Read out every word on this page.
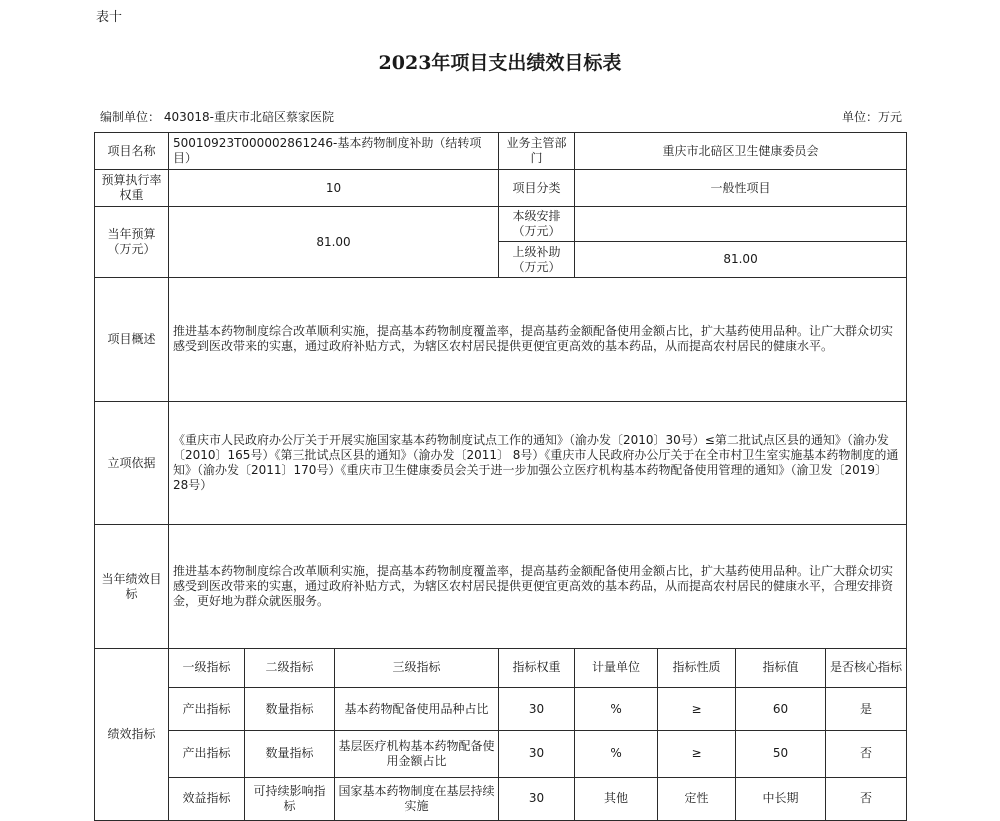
表十
2023年项目支出绩效目标表
编制单位： 403018-重庆市北碚区蔡家医院	单位：万元
项目名称	50010923T000002861246-基本药物制度补助（结转项目）			业务主管部门	重庆市北碚区卫生健康委员会			
预算执行率权重	10			项目分类	一般性项目			
当年预算（万元）	81.00			本级安排（万元）				
				上级补助（万元）	81.00			
项目概述	推进基本药物制度综合改革顺利实施，提高基本药物制度覆盖率，提高基药金额配备使用金额占比，扩大基药使用品种。让广大群众切实感受到医改带来的实惠，通过政府补贴方式，为辖区农村居民提供更便宜更高效的基本药品，从而提高农村居民的健康水平。							
立项依据	《重庆市人民政府办公厅关于开展实施国家基本药物制度试点工作的通知》（渝办发〔2010〕30号）≤第二批试点区县的通知》（渝办发〔2010〕165号）《第三批试点区县的通知》（渝办发〔2011〕 8号）《重庆市人民政府办公厅关于在全市村卫生室实施基本药物制度的通知》（渝办发〔2011〕170号）《重庆市卫生健康委员会关于进一步加强公立医疗机构基本药物配备使用管理的通知》（渝卫发〔2019〕 28号）							
当年绩效目标	推进基本药物制度综合改革顺利实施，提高基本药物制度覆盖率，提高基药金额配备使用金额占比，扩大基药使用品种。让广大群众切实感受到医改带来的实惠，通过政府补贴方式，为辖区农村居民提供更便宜更高效的基本药品，从而提高农村居民的健康水平，合理安排资金，更好地为群众就医服务。							
绩效指标	一级指标	二级指标	三级指标	指标权重	计量单位	指标性质	指标值	是否核心指标
	产出指标	数量指标	基本药物配备使用品种占比	30	%	≥	60	是
	产出指标	数量指标	基层医疗机构基本药物配备使用金额占比	30	%	≥	50	否
	效益指标	可持续影响指标	国家基本药物制度在基层持续实施	30	其他	定性	中长期	否
